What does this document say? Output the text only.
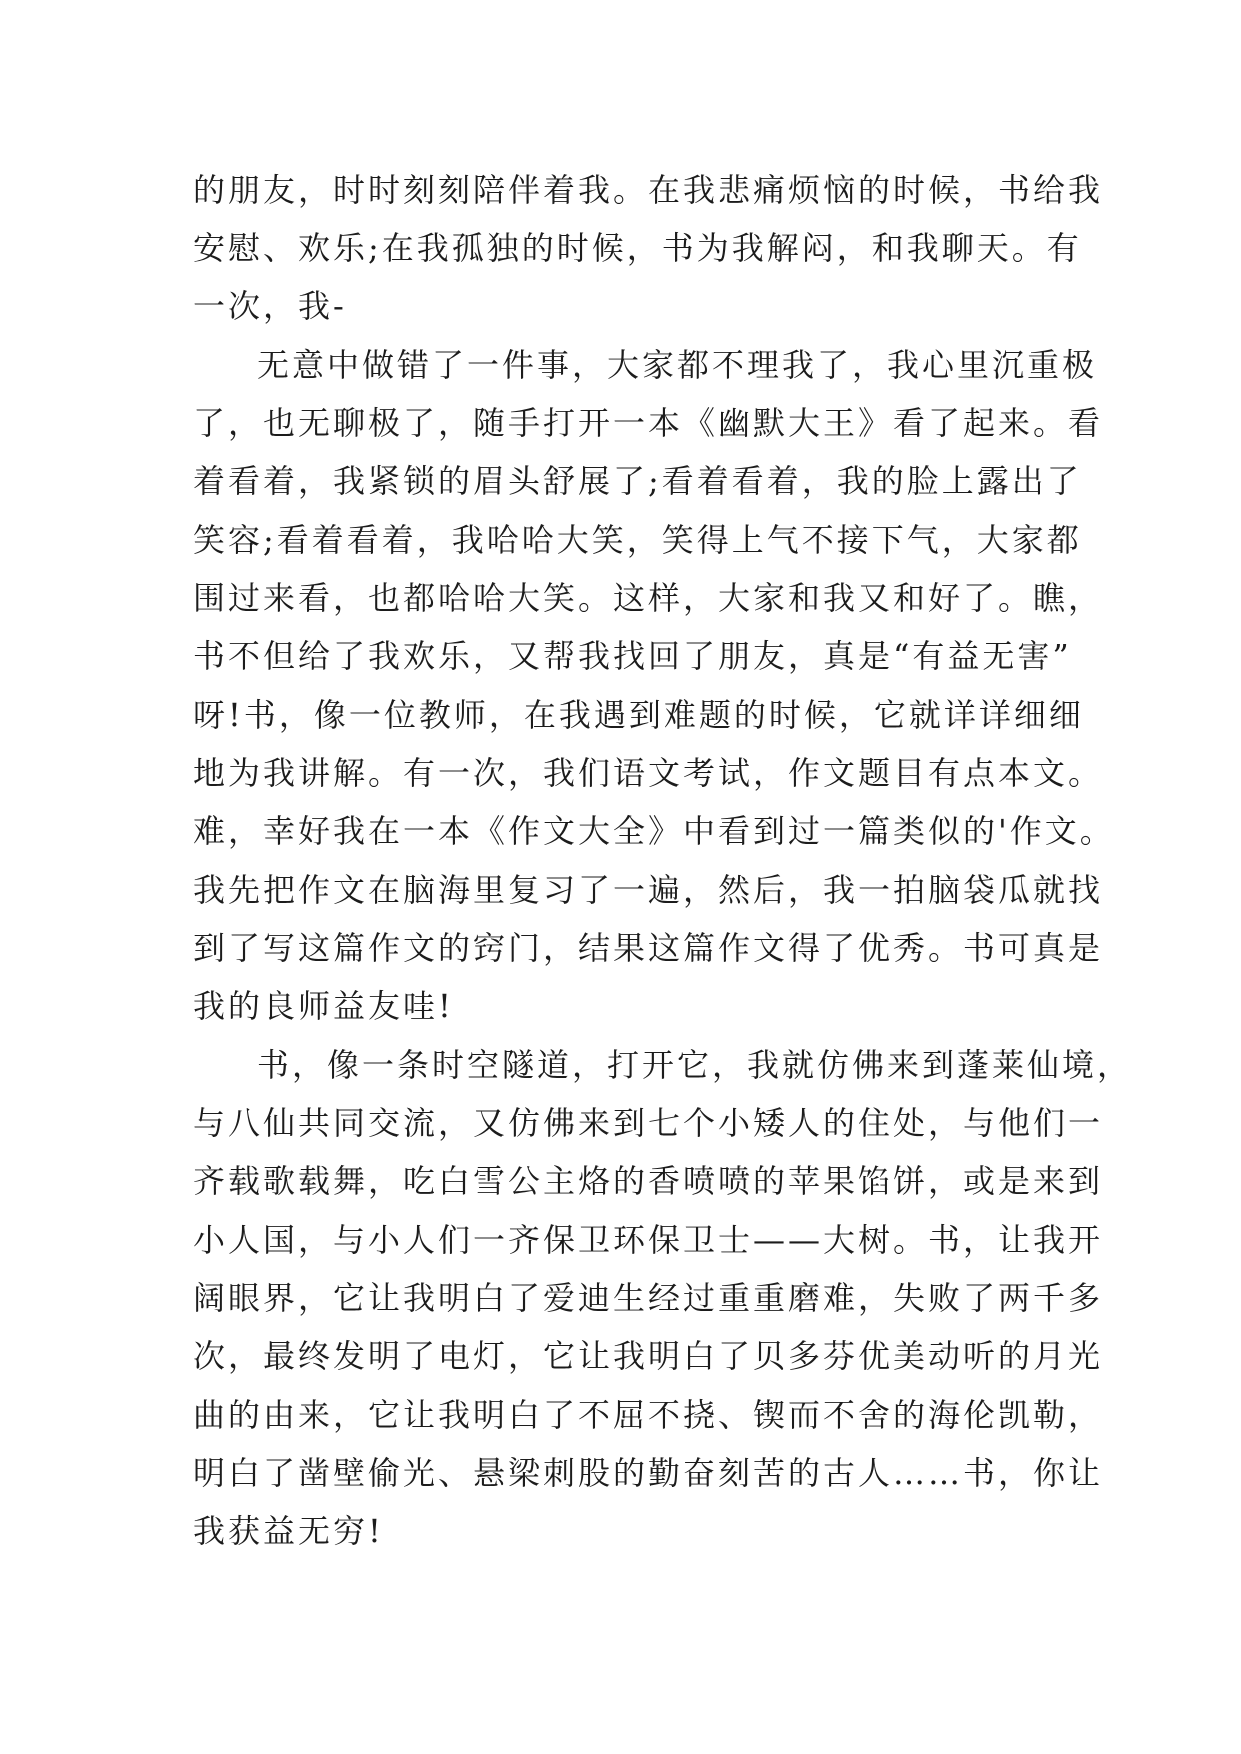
的朋友，时时刻刻陪伴着我。在我悲痛烦恼的时候，书给我
安慰、欢乐;在我孤独的时候，书为我解闷，和我聊天。有
一次，我-
无意中做错了一件事，大家都不理我了，我心里沉重极
了，也无聊极了，随手打开一本《幽默大王》看了起来。看
着看着，我紧锁的眉头舒展了;看着看着，我的脸上露出了
笑容;看着看着，我哈哈大笑，笑得上气不接下气，大家都
围过来看，也都哈哈大笑。这样，大家和我又和好了。瞧，
书不但给了我欢乐，又帮我找回了朋友，真是“有益无害”
呀!书，像一位教师，在我遇到难题的时候，它就详详细细
地为我讲解。有一次，我们语文考试，作文题目有点本文。
难，幸好我在一本《作文大全》中看到过一篇类似的'作文。
我先把作文在脑海里复习了一遍，然后，我一拍脑袋瓜就找
到了写这篇作文的窍门，结果这篇作文得了优秀。书可真是
我的良师益友哇!
书，像一条时空隧道，打开它，我就仿佛来到蓬莱仙境，
与八仙共同交流，又仿佛来到七个小矮人的住处，与他们一
齐载歌载舞，吃白雪公主烙的香喷喷的苹果馅饼，或是来到
小人国，与小人们一齐保卫环保卫士——大树。书，让我开
阔眼界，它让我明白了爱迪生经过重重磨难，失败了两千多
次，最终发明了电灯，它让我明白了贝多芬优美动听的月光
曲的由来，它让我明白了不屈不挠、锲而不舍的海伦凯勒，
明白了凿壁偷光、悬梁刺股的勤奋刻苦的古人……书，你让
我获益无穷!
